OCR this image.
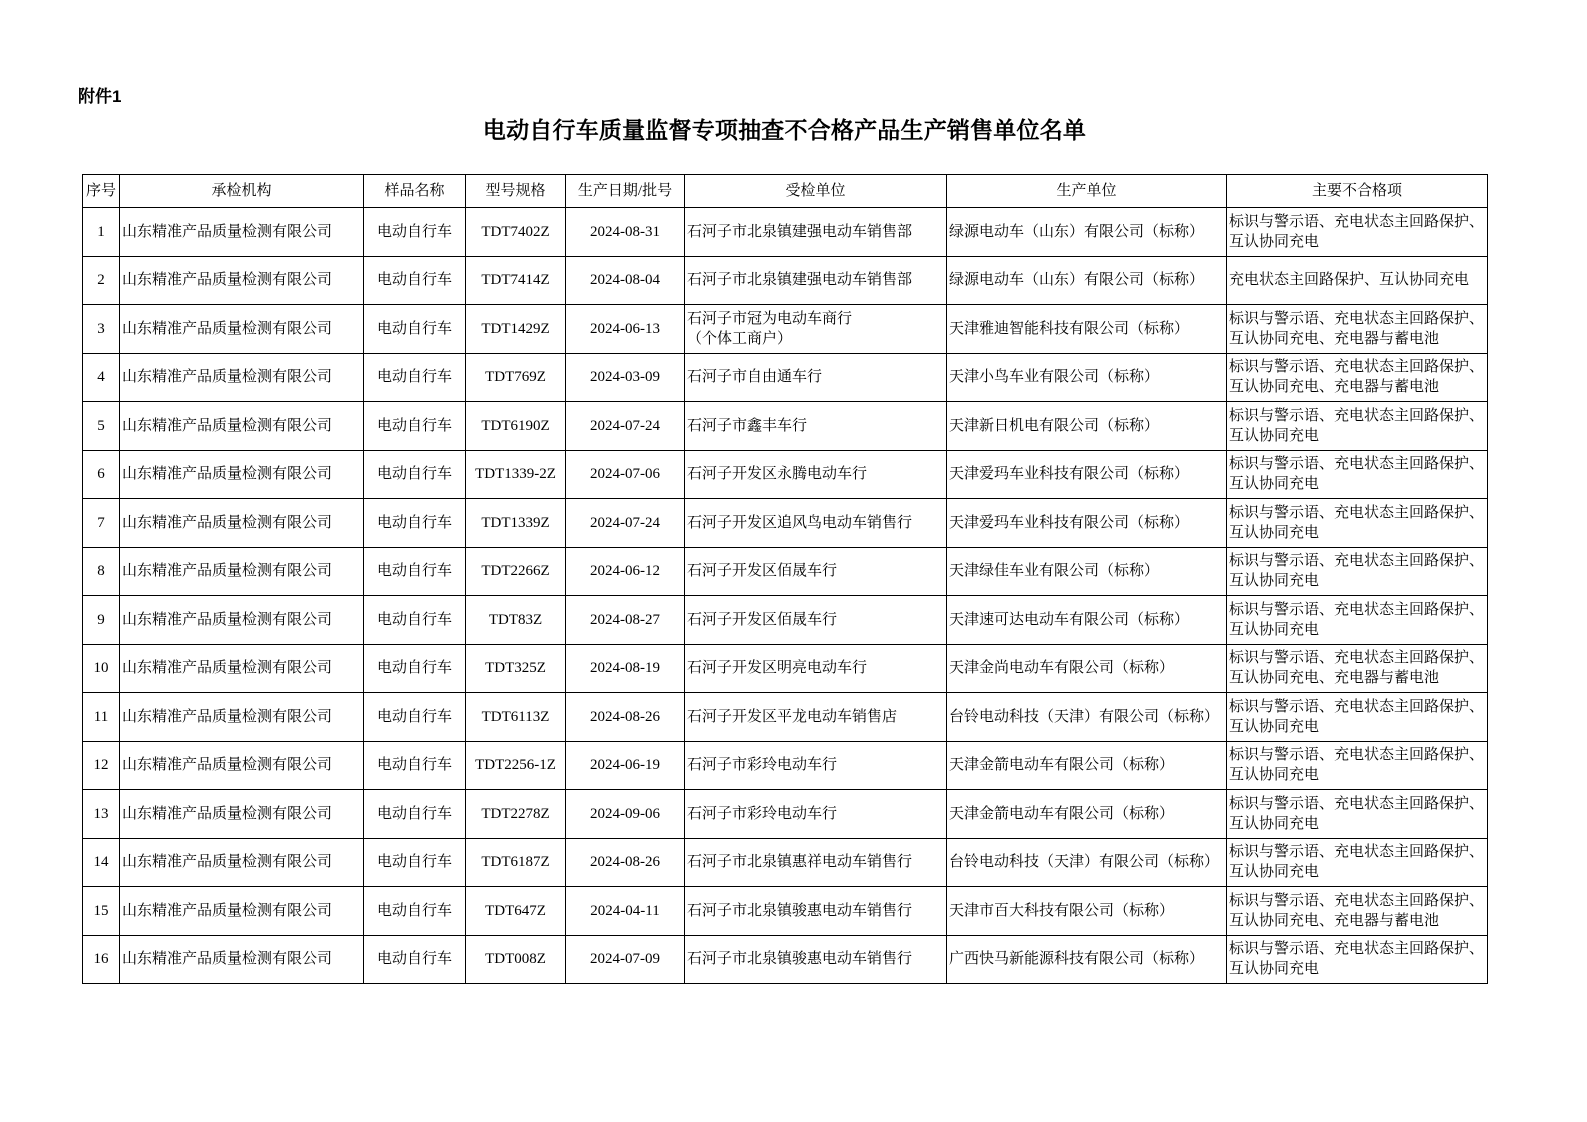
附件1
电动自行车质量监督专项抽查不合格产品生产销售单位名单
序号	承检机构	样品名称	型号规格	生产日期/批号	受检单位	生产单位	主要不合格项
1	山东精准产品质量检测有限公司	电动自行车	TDT7402Z	2024-08-31	石河子市北泉镇建强电动车销售部	绿源电动车（山东）有限公司（标称）	标识与警示语、充电状态主回路保护、互认协同充电
2	山东精准产品质量检测有限公司	电动自行车	TDT7414Z	2024-08-04	石河子市北泉镇建强电动车销售部	绿源电动车（山东）有限公司（标称）	充电状态主回路保护、互认协同充电
3	山东精准产品质量检测有限公司	电动自行车	TDT1429Z	2024-06-13	石河子市冠为电动车商行
（个体工商户）	天津雅迪智能科技有限公司（标称）	标识与警示语、充电状态主回路保护、互认协同充电、充电器与蓄电池
4	山东精准产品质量检测有限公司	电动自行车	TDT769Z	2024-03-09	石河子市自由通车行	天津小鸟车业有限公司（标称）	标识与警示语、充电状态主回路保护、互认协同充电、充电器与蓄电池
5	山东精准产品质量检测有限公司	电动自行车	TDT6190Z	2024-07-24	石河子市鑫丰车行	天津新日机电有限公司（标称）	标识与警示语、充电状态主回路保护、互认协同充电
6	山东精准产品质量检测有限公司	电动自行车	TDT1339-2Z	2024-07-06	石河子开发区永腾电动车行	天津爱玛车业科技有限公司（标称）	标识与警示语、充电状态主回路保护、互认协同充电
7	山东精准产品质量检测有限公司	电动自行车	TDT1339Z	2024-07-24	石河子开发区追风鸟电动车销售行	天津爱玛车业科技有限公司（标称）	标识与警示语、充电状态主回路保护、互认协同充电
8	山东精准产品质量检测有限公司	电动自行车	TDT2266Z	2024-06-12	石河子开发区佰晟车行	天津绿佳车业有限公司（标称）	标识与警示语、充电状态主回路保护、互认协同充电
9	山东精准产品质量检测有限公司	电动自行车	TDT83Z	2024-08-27	石河子开发区佰晟车行	天津速可达电动车有限公司（标称）	标识与警示语、充电状态主回路保护、互认协同充电
10	山东精准产品质量检测有限公司	电动自行车	TDT325Z	2024-08-19	石河子开发区明亮电动车行	天津金尚电动车有限公司（标称）	标识与警示语、充电状态主回路保护、互认协同充电、充电器与蓄电池
11	山东精准产品质量检测有限公司	电动自行车	TDT6113Z	2024-08-26	石河子开发区平龙电动车销售店	台铃电动科技（天津）有限公司（标称）	标识与警示语、充电状态主回路保护、互认协同充电
12	山东精准产品质量检测有限公司	电动自行车	TDT2256-1Z	2024-06-19	石河子市彩玲电动车行	天津金箭电动车有限公司（标称）	标识与警示语、充电状态主回路保护、互认协同充电
13	山东精准产品质量检测有限公司	电动自行车	TDT2278Z	2024-09-06	石河子市彩玲电动车行	天津金箭电动车有限公司（标称）	标识与警示语、充电状态主回路保护、互认协同充电
14	山东精准产品质量检测有限公司	电动自行车	TDT6187Z	2024-08-26	石河子市北泉镇惠祥电动车销售行	台铃电动科技（天津）有限公司（标称）	标识与警示语、充电状态主回路保护、互认协同充电
15	山东精准产品质量检测有限公司	电动自行车	TDT647Z	2024-04-11	石河子市北泉镇骏惠电动车销售行	天津市百大科技有限公司（标称）	标识与警示语、充电状态主回路保护、互认协同充电、充电器与蓄电池
16	山东精准产品质量检测有限公司	电动自行车	TDT008Z	2024-07-09	石河子市北泉镇骏惠电动车销售行	广西快马新能源科技有限公司（标称）	标识与警示语、充电状态主回路保护、互认协同充电
